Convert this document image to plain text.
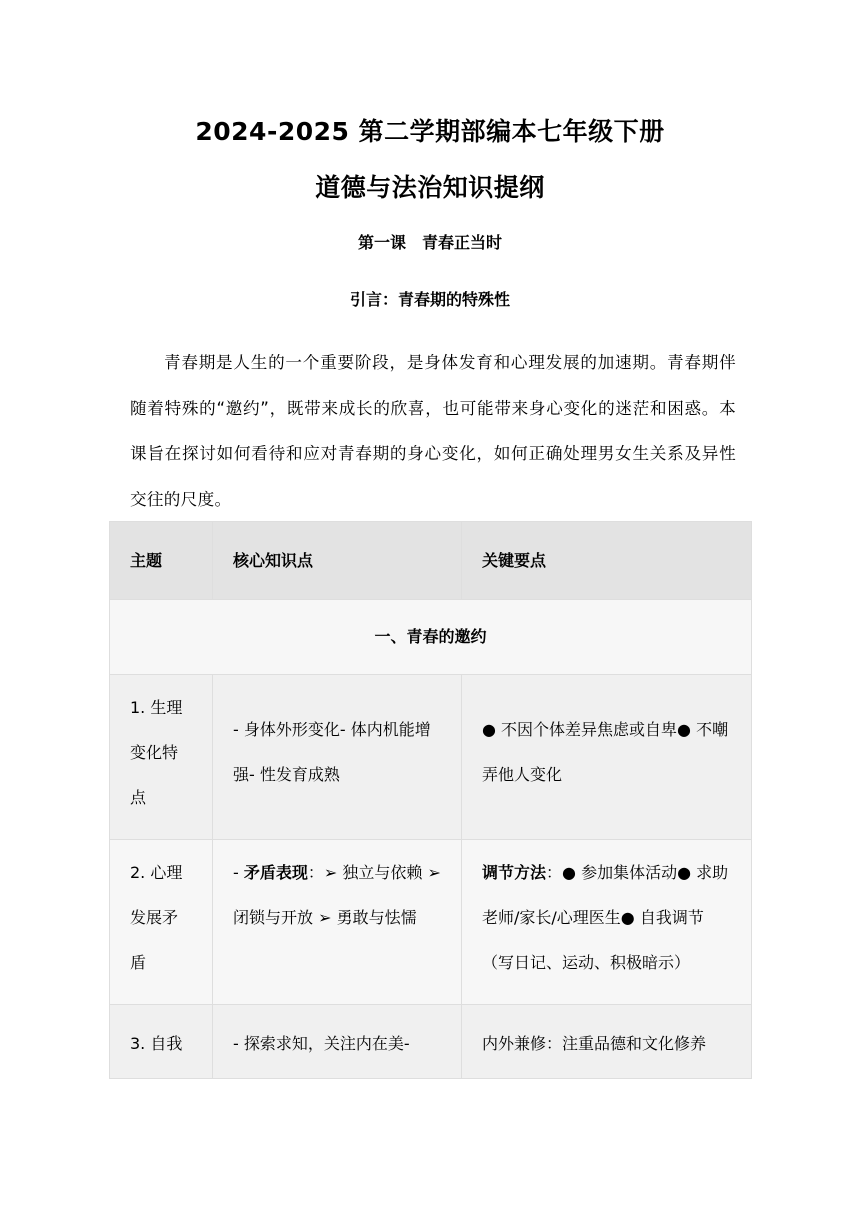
2024-2025 第二学期部编本七年级下册
道德与法治知识提纲
第一课　青春正当时
引言：青春期的特殊性
青春期是人生的一个重要阶段，是身体发育和心理发展的加速期。青春期伴随着特殊的“邀约”，既带来成长的欣喜，也可能带来身心变化的迷茫和困惑。本课旨在探讨如何看待和应对青春期的身心变化，如何正确处理男女生关系及异性交往的尺度。
主题	核心知识点	关键要点
一、青春的邀约		
1. 生理变化特点	- 身体外形变化- 体内机能增强- 性发育成熟	● 不因个体差异焦虑或自卑● 不嘲弄他人变化
2. 心理发展矛盾	- 矛盾表现：➢ 独立与依赖 ➢ 闭锁与开放 ➢ 勇敢与怯懦	调节方法：● 参加集体活动● 求助老师/家长/心理医生● 自我调节（写日记、运动、积极暗示）
3. 自我	- 探索求知，关注内在美-	内外兼修：注重品德和文化修养
